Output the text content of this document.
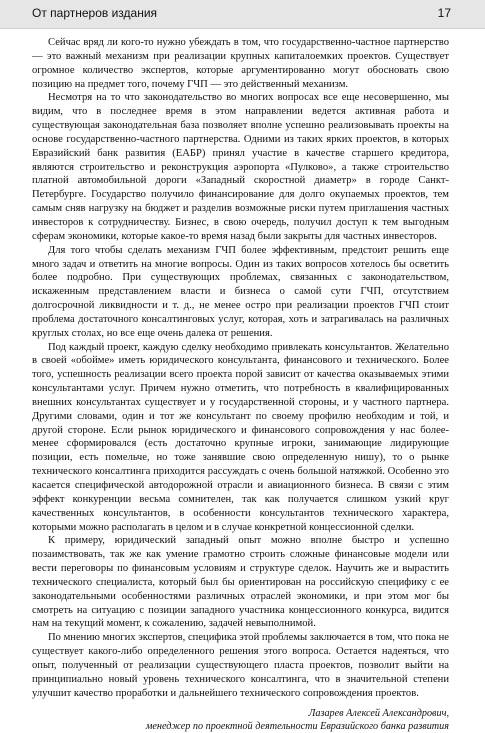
От партнеров издания	17

Сейчас вряд ли кого-то нужно убеждать в том, что государственно-частное партнерство — это важный механизм при реализации крупных капиталоемких проектов. Существует огромное количество экспертов, которые аргументированно могут обосновать свою позицию на предмет того, почему ГЧП — это действенный механизм.

Несмотря на то что законодательство во многих вопросах все еще несовершенно, мы видим, что в последнее время в этом направлении ведется активная работа и существующая законодательная база позволяет вполне успешно реализовывать проекты на основе государственно-частного партнерства. Одними из таких ярких проектов, в которых Евразийский банк развития (ЕАБР) принял участие в качестве старшего кредитора, являются строительство и реконструкция аэропорта «Пулково», а также строительство платной автомобильной дороги «Западный скоростной диаметр» в городе Санкт-Петербурге. Государство получило финансирование для долго окупаемых проектов, тем самым сняв нагрузку на бюджет и разделив возможные риски путем приглашения частных инвесторов к сотрудничеству. Бизнес, в свою очередь, получил доступ к тем выгодным сферам экономики, которые какое-то время назад были закрыты для частных инвесторов.

Для того чтобы сделать механизм ГЧП более эффективным, предстоит решить еще много задач и ответить на многие вопросы. Один из таких вопросов хотелось бы осветить более подробно. При существующих проблемах, связанных с законодательством, искаженным представлением власти и бизнеса о самой сути ГЧП, отсутствием долгосрочной ликвидности и т. д., не менее остро при реализации проектов ГЧП стоит проблема достаточного консалтинговых услуг, которая, хоть и затрагивалась на различных круглых столах, но все еще очень далека от решения.

Под каждый проект, каждую сделку необходимо привлекать консультантов. Желательно в своей «обойме» иметь юридического консультанта, финансового и технического. Более того, успешность реализации всего проекта порой зависит от качества оказываемых этими консультантами услуг. Причем нужно отметить, что потребность в квалифицированных внешних консультантах существует и у государственной стороны, и у частного партнера. Другими словами, один и тот же консультант по своему профилю необходим и той, и другой стороне. Если рынок юридического и финансового сопровождения у нас более-менее сформировался (есть достаточно крупные игроки, занимающие лидирующие позиции, есть помельче, но тоже занявшие свою определенную нишу), то о рынке технического консалтинга приходится рассуждать с очень большой натяжкой. Особенно это касается специфической автодорожной отрасли и авиационного бизнеса. В связи с этим эффект конкуренции весьма сомнителен, так как получается слишком узкий круг качественных консультантов, в особенности консультантов технического характера, которыми можно располагать в целом и в случае конкретной концессионной сделки.

К примеру, юридический западный опыт можно вполне быстро и успешно позаимствовать, так же как умение грамотно строить сложные финансовые модели или вести переговоры по финансовым условиям и структуре сделок. Научить же и вырастить технического специалиста, который был бы ориентирован на российскую специфику с ее законодательными особенностями различных отраслей экономики, и при этом мог бы смотреть на ситуацию с позиции западного участника концессионного конкурса, видится нам на текущий момент, к сожалению, задачей невыполнимой.

По мнению многих экспертов, специфика этой проблемы заключается в том, что пока не существует какого-либо определенного решения этого вопроса. Остается надеяться, что опыт, полученный от реализации существующего пласта проектов, позволит выйти на принципиально новый уровень технического консалтинга, что в значительной степени улучшит качество проработки и дальнейшего технического сопровождения проектов.

Лазарев Алексей Александрович,
менеджер по проектной деятельности Евразийского банка развития
